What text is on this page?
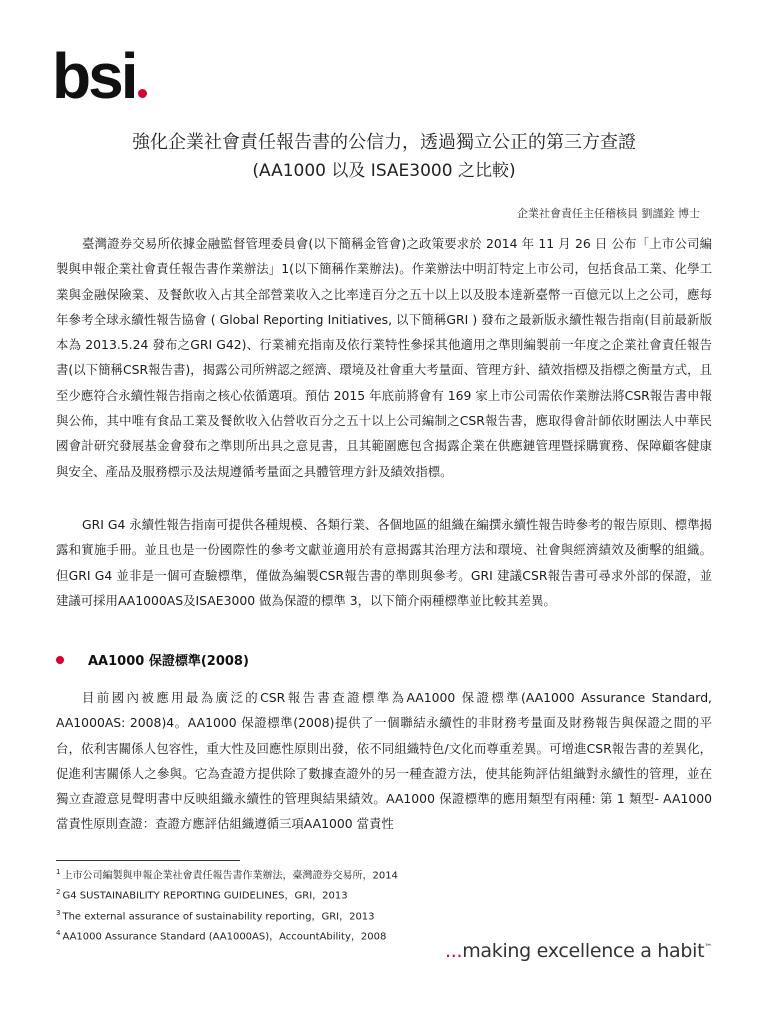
bsi
強化企業社會責任報告書的公信力，透過獨立公正的第三方查證
(AA1000 以及 ISAE3000 之比較)
企業社會責任主任稽核員 劉謹銓 博士
臺灣證券交易所依據金融監督管理委員會(以下簡稱金管會)之政策要求於 2014 年 11 月 26 日 公布「上市公司編製與申報企業社會責任報告書作業辦法」1(以下簡稱作業辦法)。作業辦法中明訂特定上市公司，包括食品工業、化學工業與金融保險業、及餐飲收入占其全部營業收入之比率達百分之五十以上以及股本達新臺幣一百億元以上之公司，應每年參考全球永續性報告協會 ( Global Reporting Initiatives, 以下簡稱GRI ) 發布之最新版永續性報告指南(目前最新版本為 2013.5.24 發布之GRI G42)、行業補充指南及依行業特性參採其他適用之準則編製前一年度之企業社會責任報告書(以下簡稱CSR報告書)，揭露公司所辨認之經濟、環境及社會重大考量面、管理方針、績效指標及指標之衡量方式，且至少應符合永續性報告指南之核心依循選項。預估 2015 年底前將會有 169 家上市公司需依作業辦法將CSR報告書申報與公佈，其中唯有食品工業及餐飲收入佔營收百分之五十以上公司編制之CSR報告書，應取得會計師依財團法人中華民國會計研究發展基金會發布之準則所出具之意見書，且其範圍應包含揭露企業在供應鏈管理暨採購實務、保障顧客健康與安全、產品及服務標示及法規遵循考量面之具體管理方針及績效指標。
GRI G4 永續性報告指南可提供各種規模、各類行業、各個地區的組織在編撰永續性報告時參考的報告原則、標準揭露和實施手冊。並且也是一份國際性的參考文獻並適用於有意揭露其治理方法和環境、社會與經濟績效及衝擊的組織。但GRI G4 並非是一個可查驗標準，僅做為編製CSR報告書的準則與參考。GRI 建議CSR報告書可尋求外部的保證，並建議可採用AA1000AS及ISAE3000 做為保證的標準 3，以下簡介兩種標準並比較其差異。
AA1000 保證標準(2008)
目前國內被應用最為廣泛的CSR報告書查證標準為AA1000 保證標準(AA1000 Assurance Standard, AA1000AS: 2008)4。AA1000 保證標準(2008)提供了一個聯結永續性的非財務考量面及財務報告與保證之間的平台，依利害關係人包容性，重大性及回應性原則出發，依不同組織特色/文化而尊重差異。可增進CSR報告書的差異化，促進利害關係人之參與。它為查證方提供除了數據查證外的另一種查證方法，使其能夠評估組織對永續性的管理，並在獨立查證意見聲明書中反映組織永續性的管理與結果績效。AA1000 保證標準的應用類型有兩種: 第 1 類型- AA1000 當責性原則查證：查證方應評估組織遵循三項AA1000 當責性
$^1$ 上市公司編製與申報企業社會責任報告書作業辦法，臺灣證券交易所，2014
$^2$ G4 SUSTAINABILITY REPORTING GUIDELINES，GRI，2013
$^3$ The external assurance of sustainability reporting，GRI，2013
$^4$ AA1000 Assurance Standard (AA1000AS)，AccountAbility，2008
...making excellence a habit™
